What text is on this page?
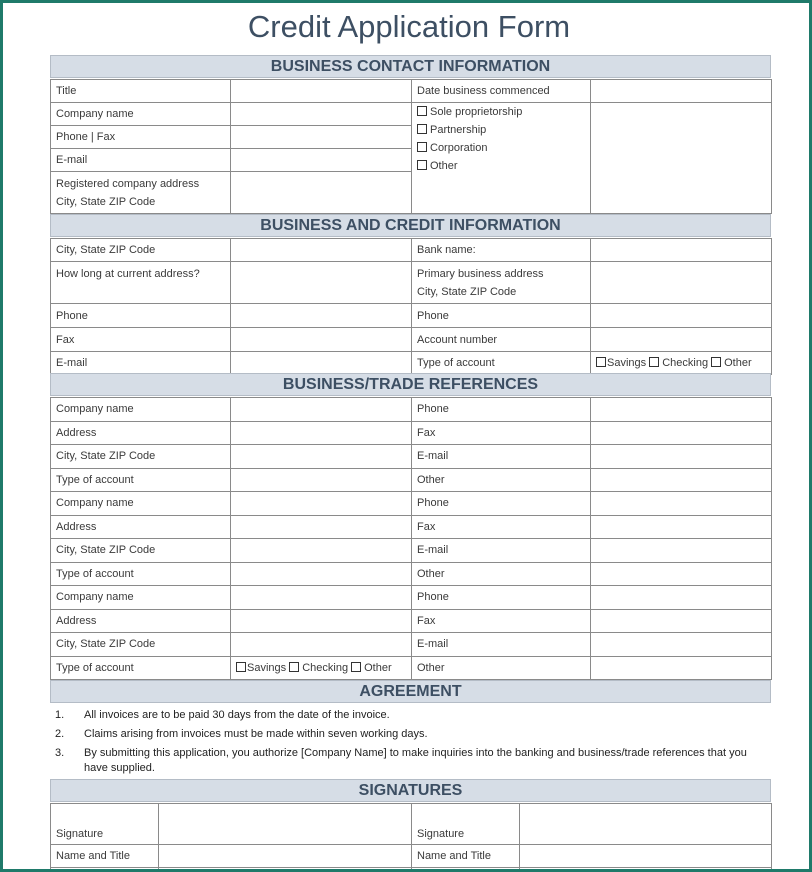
Credit Application Form
BUSINESS CONTACT INFORMATION
Title		Date business commenced	
Company name		Sole proprietorship
Partnership
Corporation
Other	

Phone | Fax			
E-mail			

Registered company address
City, State ZIP Code			

BUSINESS AND CREDIT INFORMATION
City, State ZIP Code		Bank name:	
How long at current address?		Primary business address
City, State ZIP Code	

Phone		Phone	
Fax		Account number	
E-mail		Type of account	Savings Checking Other
BUSINESS/TRADE REFERENCES
Company name		Phone	
Address		Fax	
City, State ZIP Code		E-mail	
Type of account		Other	
Company name		Phone	
Address		Fax	
City, State ZIP Code		E-mail	
Type of account		Other	
Company name		Phone	
Address		Fax	
City, State ZIP Code		E-mail	
Type of account	Savings Checking Other	Other	
AGREEMENT
1.	All invoices are to be paid 30 days from the date of the invoice.
2.	Claims arising from invoices must be made within seven working days.
3.	By submitting this application, you authorize [Company Name] to make inquiries into the banking and business/trade references that you have supplied.
SIGNATURES
Signature		Signature	
Name and Title		Name and Title	
